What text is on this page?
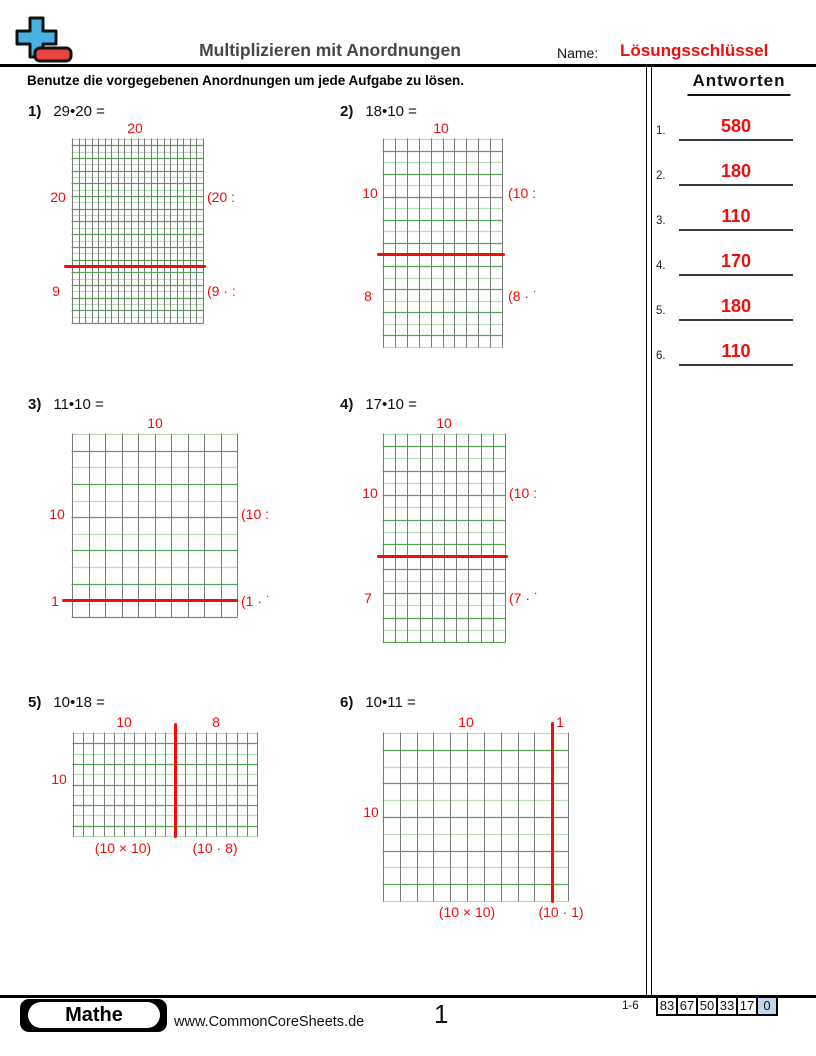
Multiplizieren mit Anordnungen	Name: Lösungsschlüssel
Benutze die vorgegebenen Anordnungen um jede Aufgabe zu lösen.	Antworten
1.	580
2.	180
3.	110
4.	170
5.	180
6.	110
1) 29•20 =
20
20
9
(20 :
(9 · :
2) 18•10 =
10
10
8
(10 :
(8 · ˙
3) 11•10 =
10
10
1
(10 :
(1 · ˙
4) 17•10 =
10
10
7
(10 :
(7 · ˙
5) 10•18 =
10	8
10
(10 × 10)	(10 · 8)
6) 10•11 =
10	1
10
(10 × 10)	(10 · 1)
Mathe	www.CommonCoreSheets.de	1	1-6 83 67 50 33 17 0
